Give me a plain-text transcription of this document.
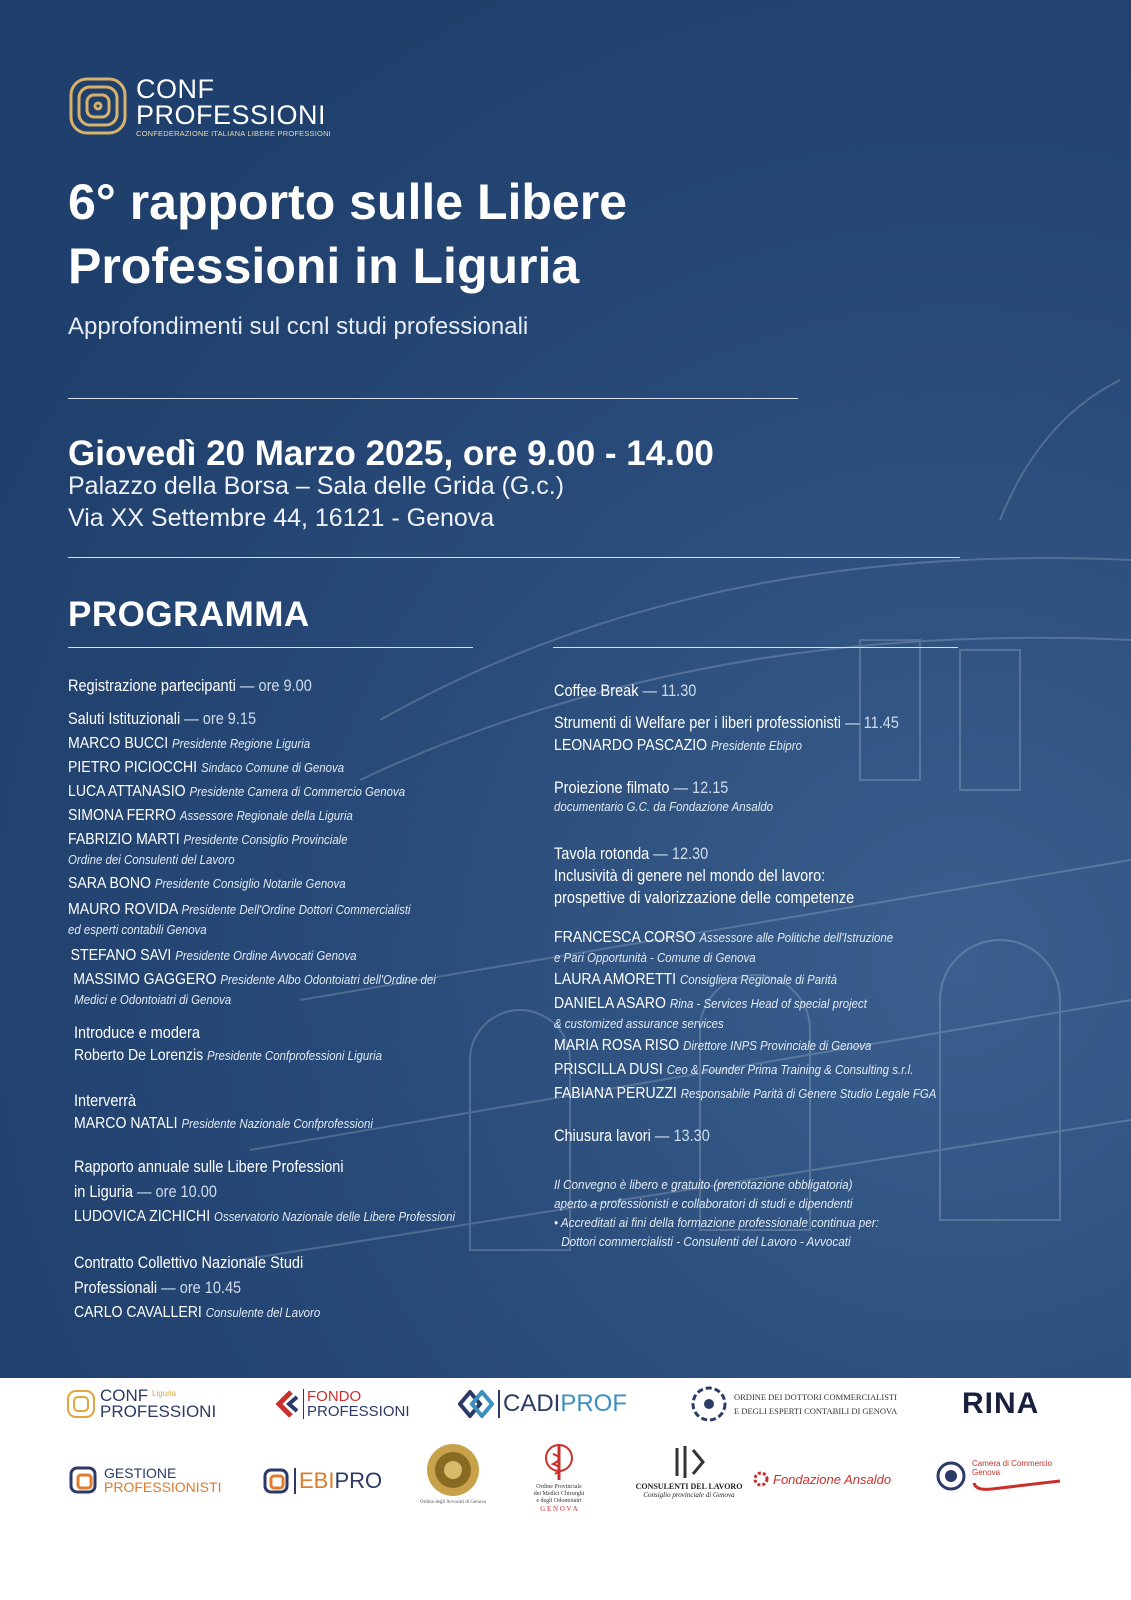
CONF
PROFESSIONI
CONFEDERAZIONE ITALIANA LIBERE PROFESSIONI
6° rapporto sulle Libere Professioni in Liguria
Approfondimenti sul ccnl studi professionali
Giovedì 20 Marzo 2025, ore 9.00 - 14.00
Palazzo della Borsa – Sala delle Grida (G.c.)
Via XX Settembre 44, 16121 - Genova
PROGRAMMA
Registrazione partecipanti — ore 9.00
Saluti Istituzionali — ore 9.15
MARCO BUCCI Presidente Regione Liguria
PIETRO PICIOCCHI Sindaco Comune di Genova
LUCA ATTANASIO Presidente Camera di Commercio Genova
SIMONA FERRO Assessore Regionale della Liguria
FABRIZIO MARTI Presidente Consiglio Provinciale
Ordine dei Consulenti del Lavoro
SARA BONO Presidente Consiglio Notarile Genova
MAURO ROVIDA Presidente Dell'Ordine Dottori Commercialisti
ed esperti contabili Genova
STEFANO SAVI Presidente Ordine Avvocati Genova
MASSIMO GAGGERO Presidente Albo Odontoiatri dell'Ordine dei
Medici e Odontoiatri di Genova
Introduce e modera
Roberto De Lorenzis Presidente Confprofessioni Liguria
Interverrà
MARCO NATALI Presidente Nazionale Confprofessioni
Rapporto annuale sulle Libere Professioni
in Liguria — ore 10.00
LUDOVICA ZICHICHI Osservatorio Nazionale delle Libere Professioni
Contratto Collettivo Nazionale Studi
Professionali — ore 10.45
CARLO CAVALLERI Consulente del Lavoro
Coffee Break — 11.30
Strumenti di Welfare per i liberi professionisti — 11.45
LEONARDO PASCAZIO Presidente Ebipro
Proiezione filmato — 12.15
documentario G.C. da Fondazione Ansaldo
Tavola rotonda — 12.30
Inclusività di genere nel mondo del lavoro:
prospettive di valorizzazione delle competenze
FRANCESCA CORSO Assessore alle Politiche dell'Istruzione
e Pari Opportunità - Comune di Genova
LAURA AMORETTI Consigliera Regionale di Parità
DANIELA ASARO Rina - Services Head of special project
& customized assurance services
MARIA ROSA RISO Direttore INPS Provinciale di Genova
PRISCILLA DUSI Ceo & Founder Prima Training & Consulting s.r.l.
FABIANA PERUZZI Responsabile Parità di Genere Studio Legale FGA
Chiusura lavori — 13.30
Il Convegno è libero e gratuito (prenotazione obbligatoria)
aperto a professionisti e collaboratori di studi e dipendenti
• Accreditati ai fini della formazione professionale continua per:
Dottori commercialisti - Consulenti del Lavoro - Avvocati
CONF
PROFESSIONI
Liguria	FONDO
PROFESSIONI	CADIPROF	ORDINE DEI DOTTORI COMMERCIALISTI
E DEGLI ESPERTI CONTABILI DI GENOVA RINA
GESTIONE
PROFESSIONISTI	EBIPRO
Ordine degli Avvocati di Genova
Ordine Provinciale
dei Medici Chirurghi
e degli Odontoiatri
G E N O V A
CONSULENTI DEL LAVORO
Consiglio provinciale di Genova
Fondazione Ansaldo
Camera di Commercio
Genova
